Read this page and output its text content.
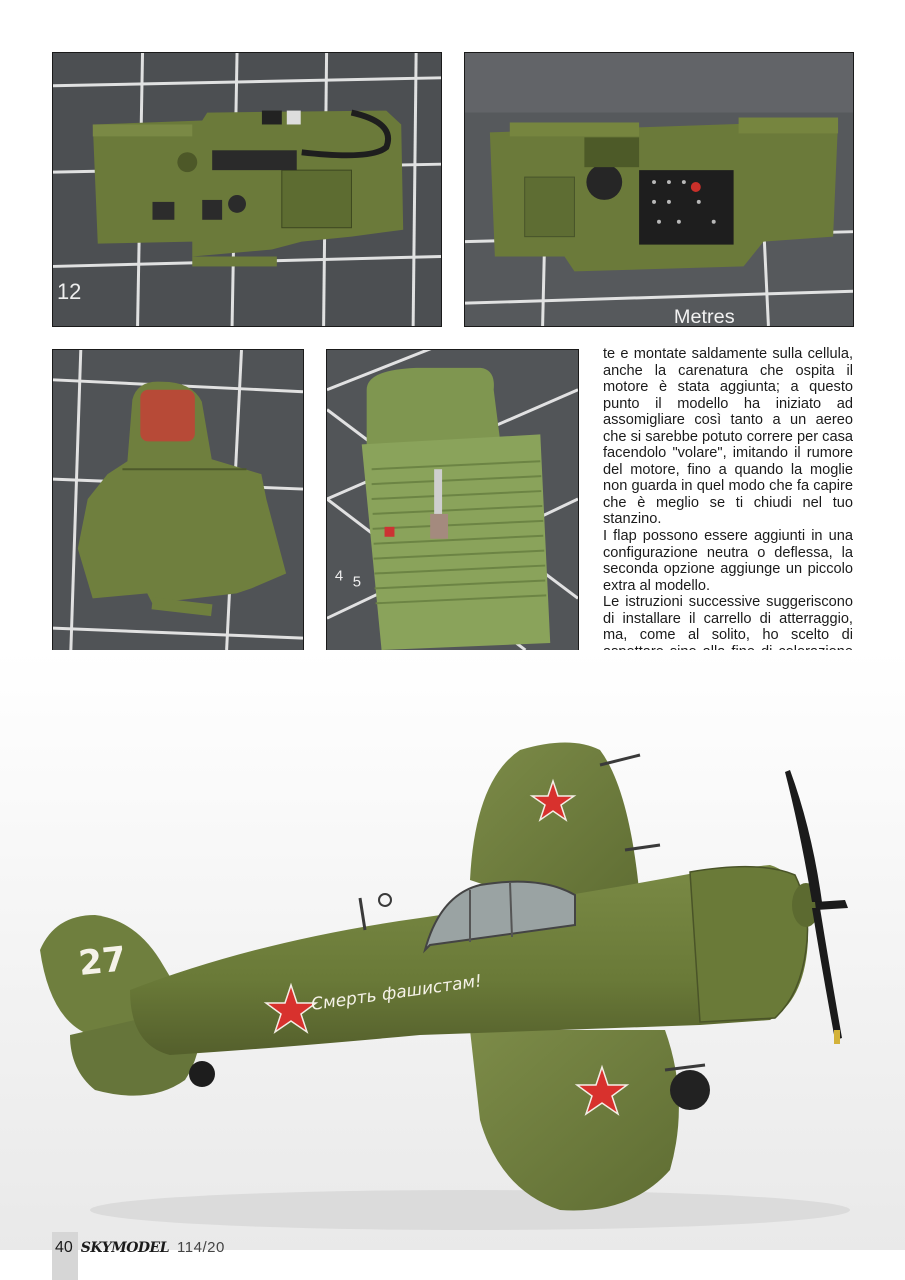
12
Metres
4 5

te e montate saldamente sulla cellula, anche la carenatura che ospita il motore è stata aggiunta; a questo punto il modello ha iniziato ad assomigliare così tanto a un aereo che si sarebbe potuto correre per casa facendolo "volare", imitando il rumore del motore, fino a quando la moglie non guarda in quel modo che fa capire che è meglio se ti chiudi nel tuo stanzino.

I flap possono essere aggiunti in una configurazione neutra o deflessa, la seconda opzione aggiunge un piccolo extra al modello.

Le istruzioni successive suggeriscono di installare il carrello di atterraggio, ma, come al solito, ho scelto di

27
Смерть фашистам!
40 SKYMODEL 114/20
